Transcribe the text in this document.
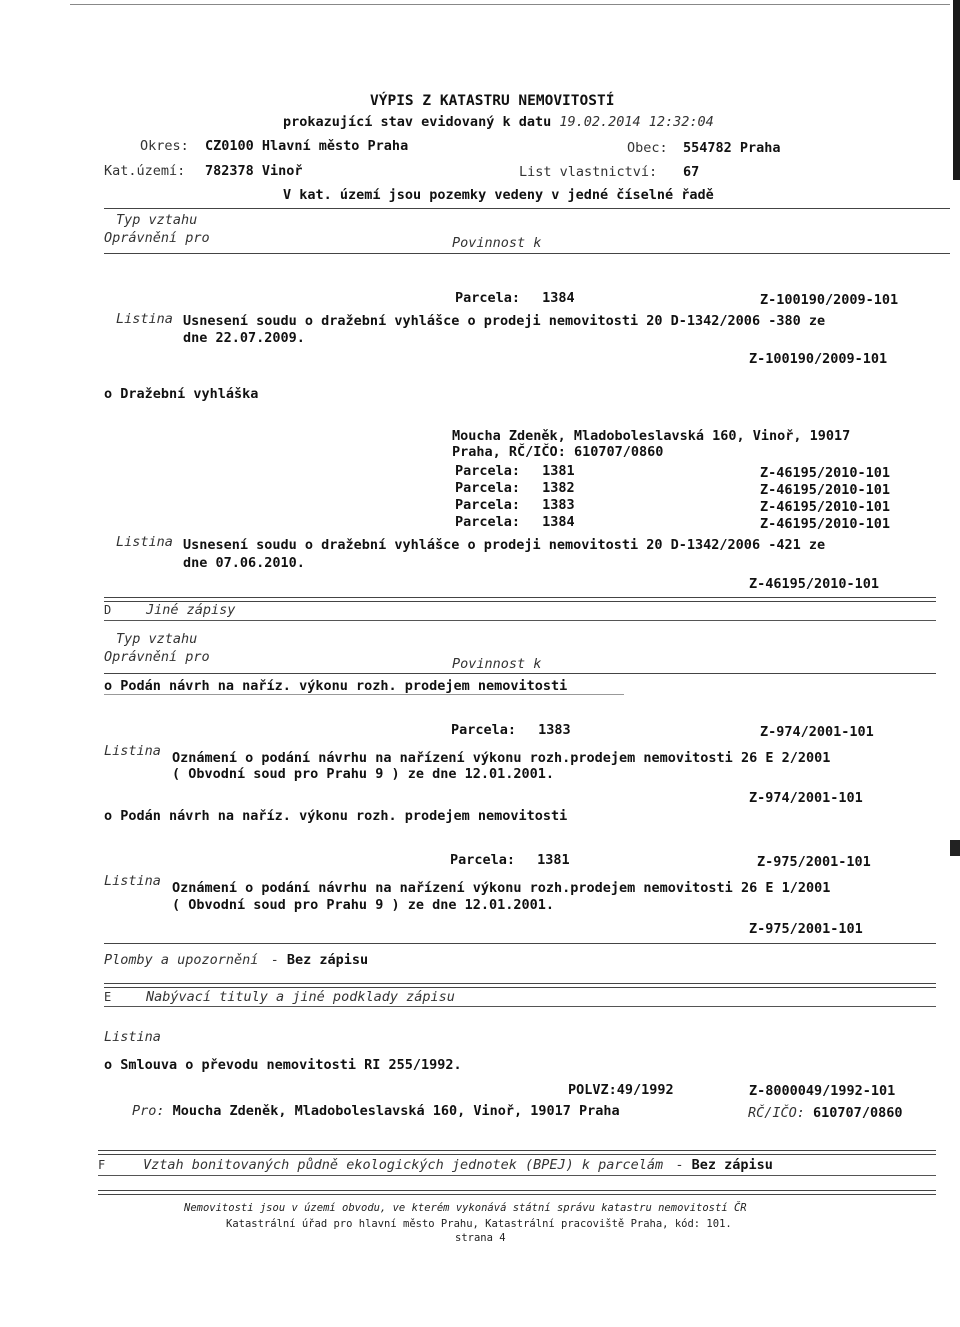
VÝPIS Z KATASTRU NEMOVITOSTÍ
prokazující stav evidovaný k datu 19.02.2014 12:32:04
Okres: CZ0100 Hlavní město Praha	Obec: 554782 Praha
Kat.území: 782378 Vinoř	List vlastnictví: 67
V kat. území jsou pozemky vedeny v jedné číselné řadě
Typ vztahu
Oprávnění pro	Povinnost k
Parcela: 1384	Z-100190/2009-101
Listina Usnesení soudu o dražební vyhlášce o prodeji nemovitosti 20 D-1342/2006 -380 ze
dne 22.07.2009.
Z-100190/2009-101
o Dražební vyhláška
Moucha Zdeněk, Mladoboleslavská 160, Vinoř, 19017
Praha, RČ/IČO: 610707/0860
Parcela: 1381	Z-46195/2010-101
Parcela: 1382	Z-46195/2010-101
Parcela: 1383	Z-46195/2010-101
Parcela: 1384	Z-46195/2010-101
Listina Usnesení soudu o dražební vyhlášce o prodeji nemovitosti 20 D-1342/2006 -421 ze
dne 07.06.2010.
Z-46195/2010-101
D	Jiné zápisy
Typ vztahu
Oprávnění pro	Povinnost k
o Podán návrh na naříz. výkonu rozh. prodejem nemovitosti
Parcela: 1383	Z-974/2001-101
Listina Oznámení o podání návrhu na nařízení výkonu rozh.prodejem nemovitosti 26 E 2/2001
( Obvodní soud pro Prahu 9 ) ze dne 12.01.2001.
Z-974/2001-101
o Podán návrh na naříz. výkonu rozh. prodejem nemovitosti
Parcela: 1381	Z-975/2001-101
Listina Oznámení o podání návrhu na nařízení výkonu rozh.prodejem nemovitosti 26 E 1/2001
( Obvodní soud pro Prahu 9 ) ze dne 12.01.2001.
Z-975/2001-101
Plomby a upozornění - Bez zápisu
E	Nabývací tituly a jiné podklady zápisu
Listina
o Smlouva o převodu nemovitosti RI 255/1992.
POLVZ:49/1992	Z-8000049/1992-101
Pro: Moucha Zdeněk, Mladoboleslavská 160, Vinoř, 19017 Praha	RČ/IČO: 610707/0860
F	Vztah bonitovaných půdně ekologických jednotek (BPEJ) k parcelám - Bez zápisu
Nemovitosti jsou v území obvodu, ve kterém vykonává státní správu katastru nemovitostí ČR
Katastrální úřad pro hlavní město Prahu, Katastrální pracoviště Praha, kód: 101.
strana 4
